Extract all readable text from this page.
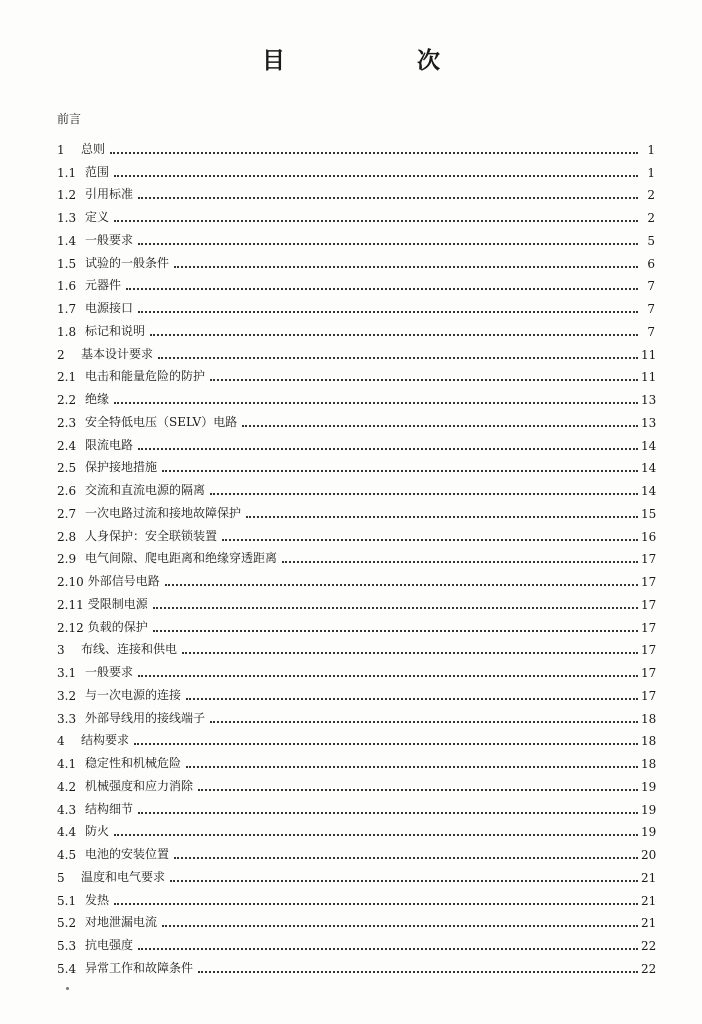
目 次
前言
1	总则	1
1.1 范围	1
1.2 引用标准	2
1.3 定义	2
1.4 一般要求	5
1.5 试验的一般条件	6
1.6 元器件	7
1.7 电源接口	7
1.8 标记和说明	7
2	基本设计要求	11
2.1 电击和能量危险的防护	11
2.2 绝缘	13
2.3 安全特低电压（SELV）电路	13
2.4 限流电路	14
2.5 保护接地措施	14
2.6 交流和直流电源的隔离	14
2.7 一次电路过流和接地故障保护	15
2.8 人身保护：安全联锁装置	16
2.9 电气间隙、爬电距离和绝缘穿透距离	17
2.10 外部信号电路	17
2.11 受限制电源	17
2.12 负载的保护	17
3	布线、连接和供电	17
3.1 一般要求	17
3.2 与一次电源的连接	17
3.3 外部导线用的接线端子	18
4	结构要求	18
4.1 稳定性和机械危险	18
4.2 机械强度和应力消除	19
4.3 结构细节	19
4.4 防火	19
4.5 电池的安装位置	20
5	温度和电气要求	21
5.1 发热	21
5.2 对地泄漏电流	21
5.3 抗电强度	22
5.4 异常工作和故障条件	22
